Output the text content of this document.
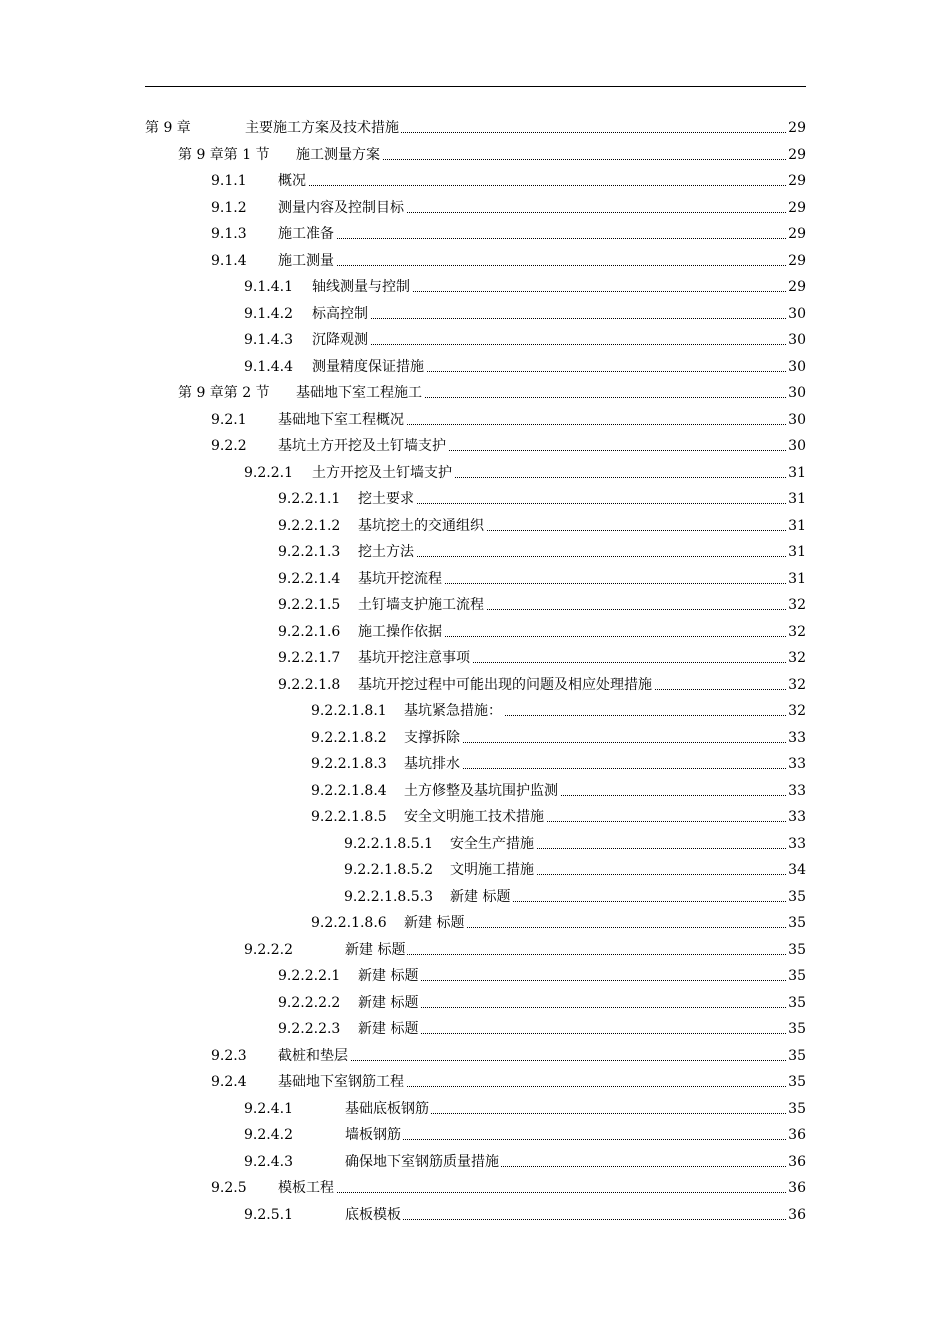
第 9 章	主要施工方案及技术措施	29
第 9 章第 1 节 施工测量方案	29
9.1.1 概况	29
9.1.2 测量内容及控制目标	29
9.1.3 施工准备	29
9.1.4 施工测量	29
9.1.4.1 轴线测量与控制	29
9.1.4.2 标高控制	30
9.1.4.3 沉降观测	30
9.1.4.4 测量精度保证措施	30
第 9 章第 2 节 基础地下室工程施工	30
9.2.1 基础地下室工程概况	30
9.2.2 基坑土方开挖及土钉墙支护	30
9.2.2.1 土方开挖及土钉墙支护	31
9.2.2.1.1 挖土要求	31
9.2.2.1.2 基坑挖土的交通组织	31
9.2.2.1.3 挖土方法	31
9.2.2.1.4 基坑开挖流程	31
9.2.2.1.5 土钉墙支护施工流程	32
9.2.2.1.6 施工操作依据	32
9.2.2.1.7 基坑开挖注意事项	32
9.2.2.1.8 基坑开挖过程中可能出现的问题及相应处理措施	32
9.2.2.1.8.1 基坑紧急措施：	32
9.2.2.1.8.2 支撑拆除	33
9.2.2.1.8.3 基坑排水	33
9.2.2.1.8.4 土方修整及基坑围护监测	33
9.2.2.1.8.5 安全文明施工技术措施	33
9.2.2.1.8.5.1 安全生产措施	33
9.2.2.1.8.5.2 文明施工措施	34
9.2.2.1.8.5.3 新建 标题	35
9.2.2.1.8.6 新建 标题	35
9.2.2.2	新建 标题	35
9.2.2.2.1 新建 标题	35
9.2.2.2.2 新建 标题	35
9.2.2.2.3 新建 标题	35
9.2.3 截桩和垫层	35
9.2.4 基础地下室钢筋工程	35
9.2.4.1	基础底板钢筋	35
9.2.4.2	墙板钢筋	36
9.2.4.3	确保地下室钢筋质量措施	36
9.2.5 模板工程	36
9.2.5.1	底板模板	36
